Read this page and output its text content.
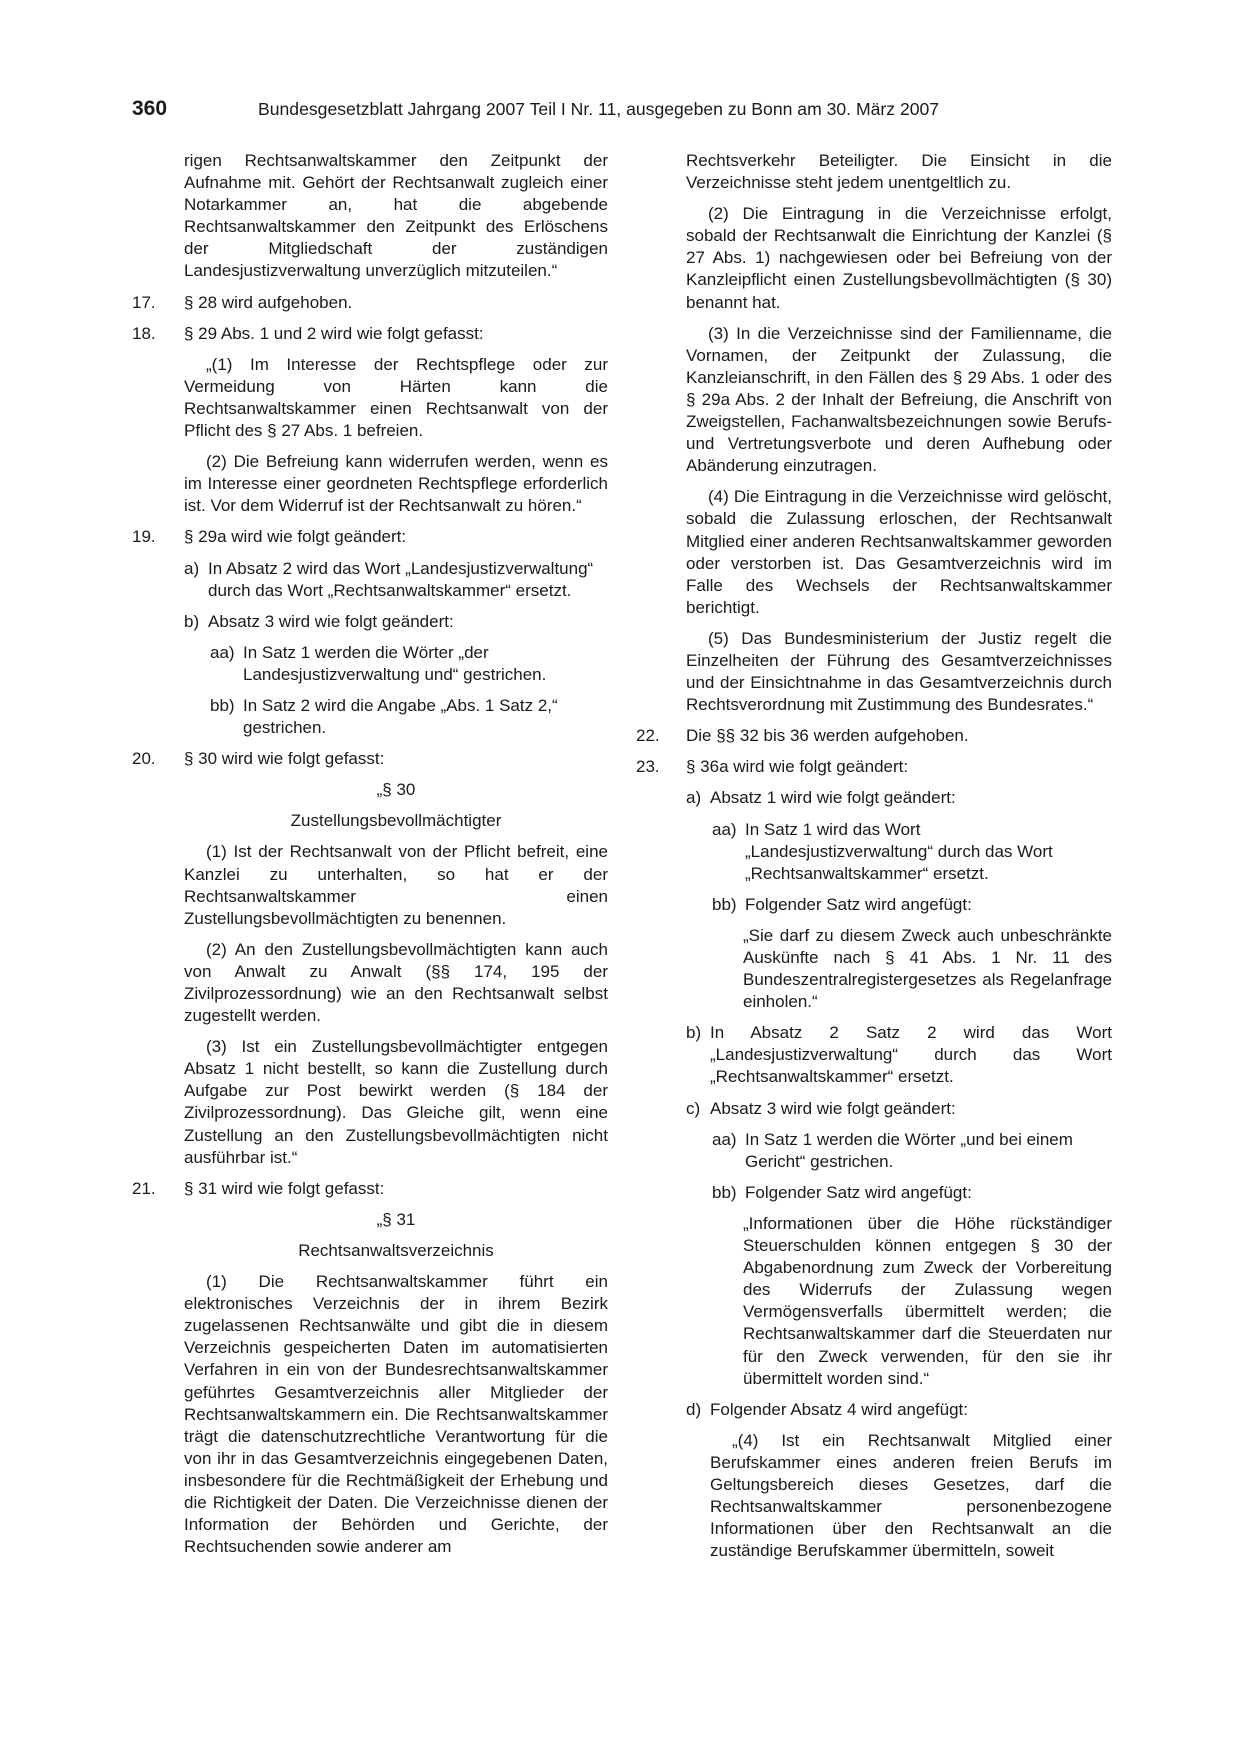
360	Bundesgesetzblatt Jahrgang 2007 Teil I Nr. 11, ausgegeben zu Bonn am 30. März 2007

rigen Rechtsanwaltskammer den Zeitpunkt der Aufnahme mit. Gehört der Rechtsanwalt zugleich einer Notarkammer an, hat die abgebende Rechtsanwaltskammer den Zeitpunkt des Erlöschens der Mitgliedschaft der zuständigen Landesjustizverwaltung unverzüglich mitzuteilen.“

17. § 28 wird aufgehoben.

18. § 29 Abs. 1 und 2 wird wie folgt gefasst:

„(1) Im Interesse der Rechtspflege oder zur Vermeidung von Härten kann die Rechtsanwaltskammer einen Rechtsanwalt von der Pflicht des § 27 Abs. 1 befreien.

(2) Die Befreiung kann widerrufen werden, wenn es im Interesse einer geordneten Rechtspflege erforderlich ist. Vor dem Widerruf ist der Rechtsanwalt zu hören.“

19. § 29a wird wie folgt geändert:

a) In Absatz 2 wird das Wort „Landesjustizverwaltung“ durch das Wort „Rechtsanwaltskammer“ ersetzt.

b) Absatz 3 wird wie folgt geändert:

aa) In Satz 1 werden die Wörter „der Landesjustizverwaltung und“ gestrichen.

bb) In Satz 2 wird die Angabe „Abs. 1 Satz 2,“ gestrichen.

20. § 30 wird wie folgt gefasst:

„§ 30

Zustellungsbevollmächtigter

(1) Ist der Rechtsanwalt von der Pflicht befreit, eine Kanzlei zu unterhalten, so hat er der Rechtsanwaltskammer einen Zustellungsbevollmächtigten zu benennen.

(2) An den Zustellungsbevollmächtigten kann auch von Anwalt zu Anwalt (§§ 174, 195 der Zivilprozessordnung) wie an den Rechtsanwalt selbst zugestellt werden.

(3) Ist ein Zustellungsbevollmächtigter entgegen Absatz 1 nicht bestellt, so kann die Zustellung durch Aufgabe zur Post bewirkt werden (§ 184 der Zivilprozessordnung). Das Gleiche gilt, wenn eine Zustellung an den Zustellungsbevollmächtigten nicht ausführbar ist.“

21. § 31 wird wie folgt gefasst:

„§ 31

Rechtsanwaltsverzeichnis

(1) Die Rechtsanwaltskammer führt ein elektronisches Verzeichnis der in ihrem Bezirk zugelassenen Rechtsanwälte und gibt die in diesem Verzeichnis gespeicherten Daten im automatisierten Verfahren in ein von der Bundesrechtsanwaltskammer geführtes Gesamtverzeichnis aller Mitglieder der Rechtsanwaltskammern ein. Die Rechtsanwaltskammer trägt die datenschutzrechtliche Verantwortung für die von ihr in das Gesamtverzeichnis eingegebenen Daten, insbesondere für die Rechtmäßigkeit der Erhebung und die Richtigkeit der Daten. Die Verzeichnisse dienen der Information der Behörden und Gerichte, der Rechtsuchenden sowie anderer am

Rechtsverkehr Beteiligter. Die Einsicht in die Verzeichnisse steht jedem unentgeltlich zu.

(2) Die Eintragung in die Verzeichnisse erfolgt, sobald der Rechtsanwalt die Einrichtung der Kanzlei (§ 27 Abs. 1) nachgewiesen oder bei Befreiung von der Kanzleipflicht einen Zustellungsbevollmächtigten (§ 30) benannt hat.

(3) In die Verzeichnisse sind der Familienname, die Vornamen, der Zeitpunkt der Zulassung, die Kanzleianschrift, in den Fällen des § 29 Abs. 1 oder des § 29a Abs. 2 der Inhalt der Befreiung, die Anschrift von Zweigstellen, Fachanwaltsbezeichnungen sowie Berufs- und Vertretungsverbote und deren Aufhebung oder Abänderung einzutragen.

(4) Die Eintragung in die Verzeichnisse wird gelöscht, sobald die Zulassung erloschen, der Rechtsanwalt Mitglied einer anderen Rechtsanwaltskammer geworden oder verstorben ist. Das Gesamtverzeichnis wird im Falle des Wechsels der Rechtsanwaltskammer berichtigt.

(5) Das Bundesministerium der Justiz regelt die Einzelheiten der Führung des Gesamtverzeichnisses und der Einsichtnahme in das Gesamtverzeichnis durch Rechtsverordnung mit Zustimmung des Bundesrates.“

22. Die §§ 32 bis 36 werden aufgehoben.

23. § 36a wird wie folgt geändert:

a) Absatz 1 wird wie folgt geändert:

aa) In Satz 1 wird das Wort „Landesjustizverwaltung“ durch das Wort „Rechtsanwaltskammer“ ersetzt.

bb) Folgender Satz wird angefügt:

„Sie darf zu diesem Zweck auch unbeschränkte Auskünfte nach § 41 Abs. 1 Nr. 11 des Bundeszentralregistergesetzes als Regelanfrage einholen.“

b) In Absatz 2 Satz 2 wird das Wort „Landesjustizverwaltung“ durch das Wort „Rechtsanwaltskammer“ ersetzt.

c) Absatz 3 wird wie folgt geändert:

aa) In Satz 1 werden die Wörter „und bei einem Gericht“ gestrichen.

bb) Folgender Satz wird angefügt:

„Informationen über die Höhe rückständiger Steuerschulden können entgegen § 30 der Abgabenordnung zum Zweck der Vorbereitung des Widerrufs der Zulassung wegen Vermögensverfalls übermittelt werden; die Rechtsanwaltskammer darf die Steuerdaten nur für den Zweck verwenden, für den sie ihr übermittelt worden sind.“

d) Folgender Absatz 4 wird angefügt:

„(4) Ist ein Rechtsanwalt Mitglied einer Berufskammer eines anderen freien Berufs im Geltungsbereich dieses Gesetzes, darf die Rechtsanwaltskammer personenbezogene Informationen über den Rechtsanwalt an die zuständige Berufskammer übermitteln, soweit
